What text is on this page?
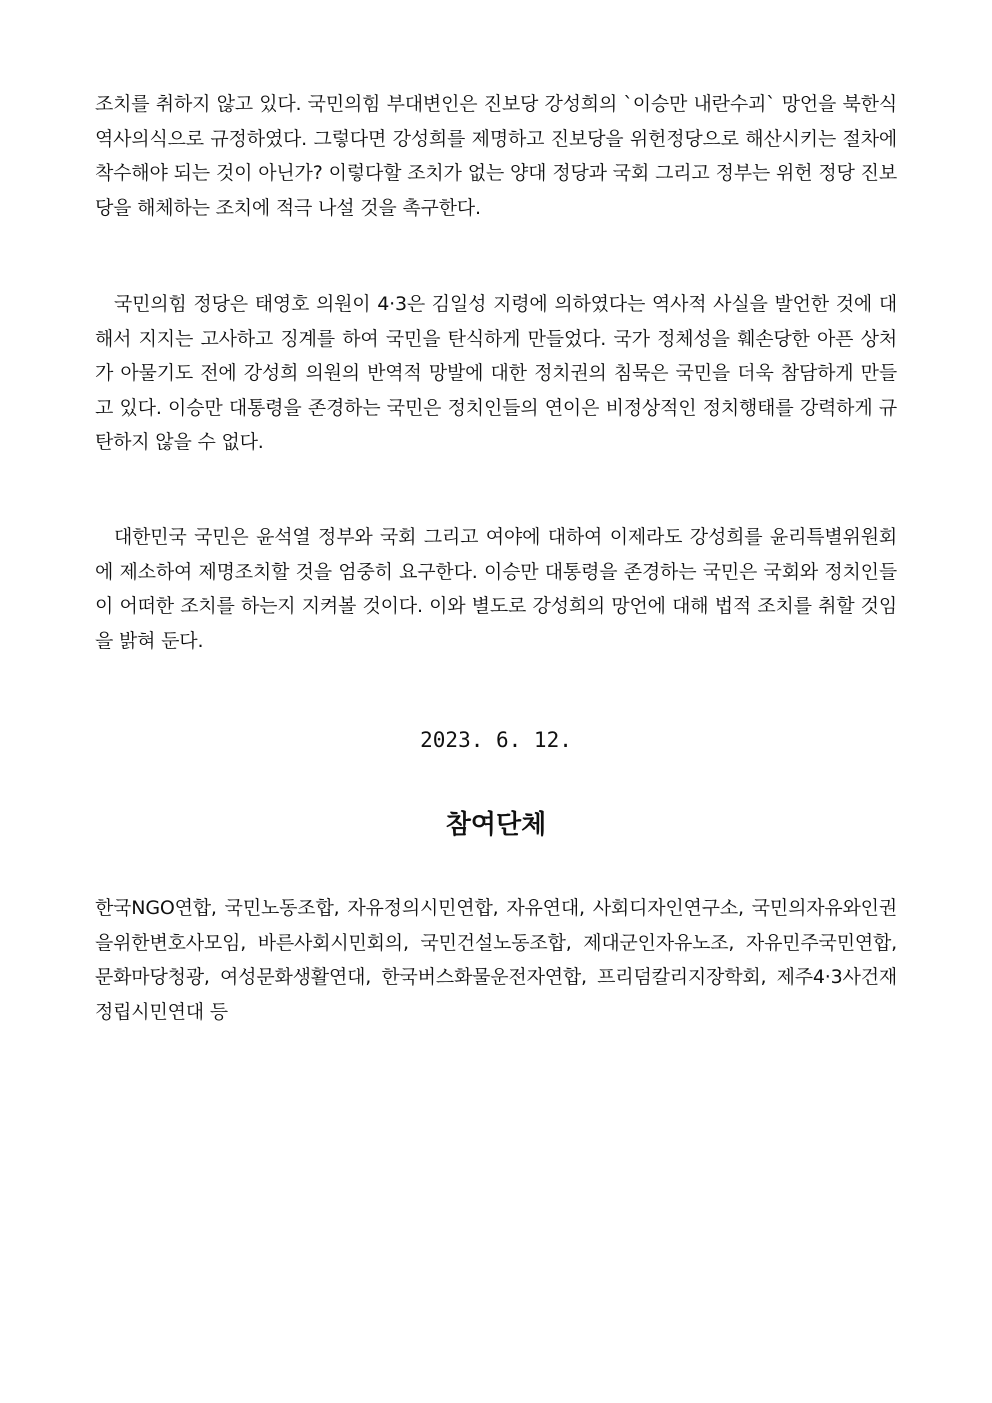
조치를 취하지 않고 있다. 국민의힘 부대변인은 진보당 강성희의 `이승만 내란수괴` 망언을 북한식 역사의식으로 규정하였다. 그렇다면 강성희를 제명하고 진보당을 위헌정당으로 해산시키는 절차에 착수해야 되는 것이 아닌가? 이렇다할 조치가 없는 양대 정당과 국회 그리고 정부는 위헌 정당 진보당을 해체하는 조치에 적극 나설 것을 촉구한다.

국민의힘 정당은 태영호 의원이 4·3은 김일성 지령에 의하였다는 역사적 사실을 발언한 것에 대해서 지지는 고사하고 징계를 하여 국민을 탄식하게 만들었다. 국가 정체성을 훼손당한 아픈 상처가 아물기도 전에 강성희 의원의 반역적 망발에 대한 정치권의 침묵은 국민을 더욱 참담하게 만들고 있다. 이승만 대통령을 존경하는 국민은 정치인들의 연이은 비정상적인 정치행태를 강력하게 규탄하지 않을 수 없다.

대한민국 국민은 윤석열 정부와 국회 그리고 여야에 대하여 이제라도 강성희를 윤리특별위원회에 제소하여 제명조치할 것을 엄중히 요구한다. 이승만 대통령을 존경하는 국민은 국회와 정치인들이 어떠한 조치를 하는지 지켜볼 것이다. 이와 별도로 강성희의 망언에 대해 법적 조치를 취할 것임을 밝혀 둔다.

2023. 6. 12.

참여단체

한국NGO연합, 국민노동조합, 자유정의시민연합, 자유연대, 사회디자인연구소, 국민의자유와인권을위한변호사모임, 바른사회시민회의, 국민건설노동조합, 제대군인자유노조, 자유민주국민연합, 문화마당청광, 여성문화생활연대, 한국버스화물운전자연합, 프리덤칼리지장학회, 제주4·3사건재정립시민연대 등
